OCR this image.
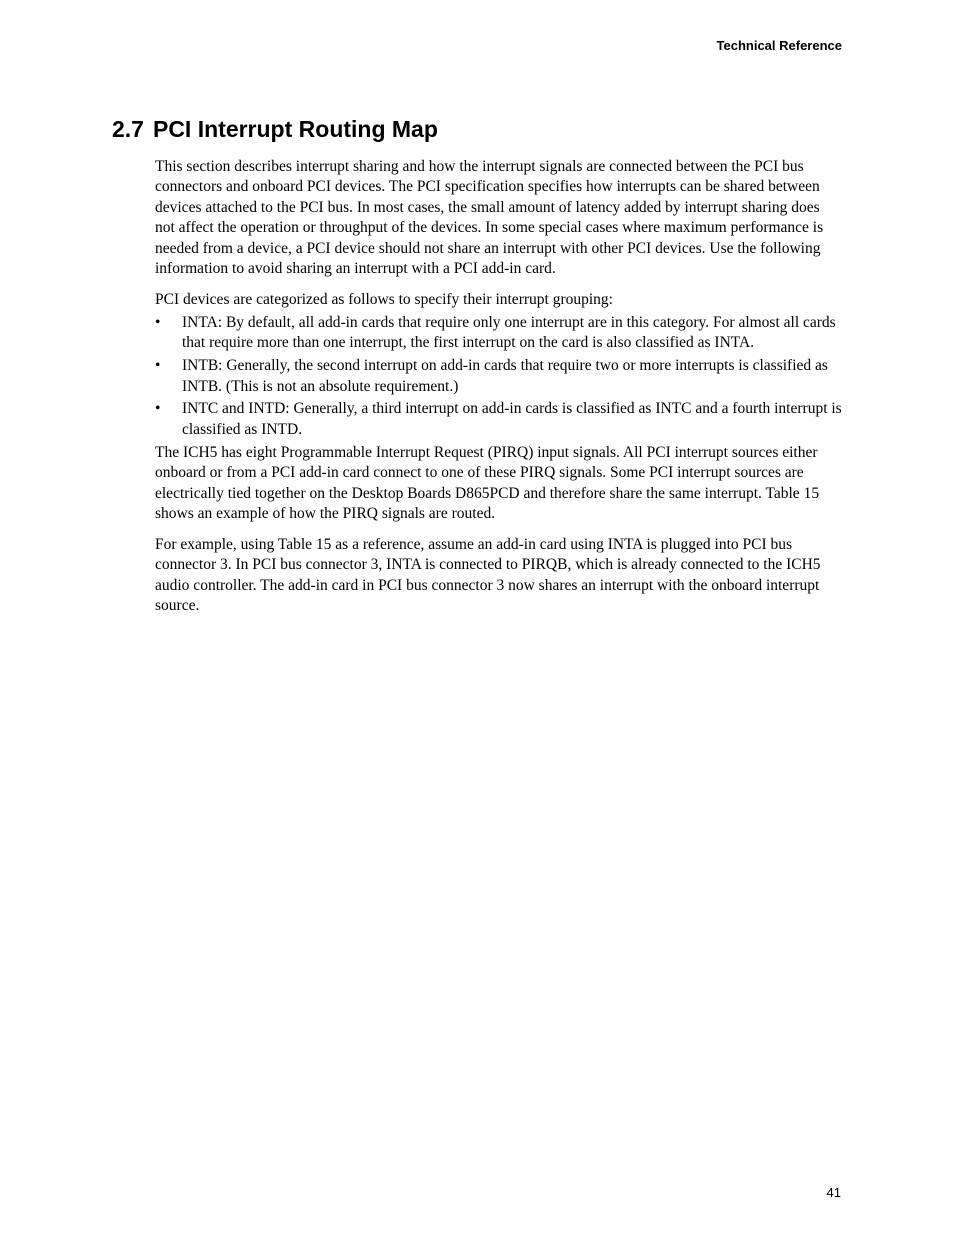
Technical Reference
2.7 PCI Interrupt Routing Map

This section describes interrupt sharing and how the interrupt signals are connected between the PCI bus connectors and onboard PCI devices. The PCI specification specifies how interrupts can be shared between devices attached to the PCI bus. In most cases, the small amount of latency added by interrupt sharing does not affect the operation or throughput of the devices. In some special cases where maximum performance is needed from a device, a PCI device should not share an interrupt with other PCI devices. Use the following information to avoid sharing an interrupt with a PCI add-in card.

PCI devices are categorized as follows to specify their interrupt grouping:

• INTA: By default, all add-in cards that require only one interrupt are in this category. For almost all cards that require more than one interrupt, the first interrupt on the card is also classified as INTA.
• INTB: Generally, the second interrupt on add-in cards that require two or more interrupts is classified as INTB. (This is not an absolute requirement.)
• INTC and INTD: Generally, a third interrupt on add-in cards is classified as INTC and a fourth interrupt is classified as INTD.

The ICH5 has eight Programmable Interrupt Request (PIRQ) input signals. All PCI interrupt sources either onboard or from a PCI add-in card connect to one of these PIRQ signals. Some PCI interrupt sources are electrically tied together on the Desktop Boards D865PCD and therefore share the same interrupt. Table 15 shows an example of how the PIRQ signals are routed.

For example, using Table 15 as a reference, assume an add-in card using INTA is plugged into PCI bus connector 3. In PCI bus connector 3, INTA is connected to PIRQB, which is already connected to the ICH5 audio controller. The add-in card in PCI bus connector 3 now shares an interrupt with the onboard interrupt source.

41
